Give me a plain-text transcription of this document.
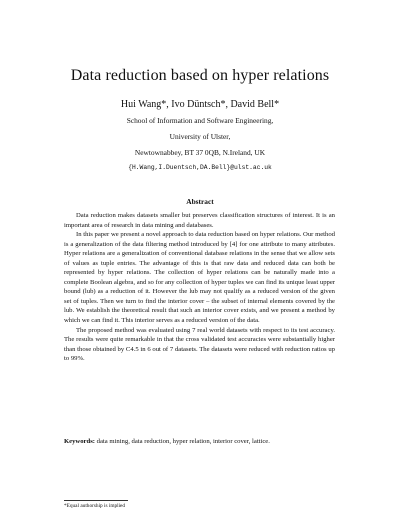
Data reduction based on hyper relations
Hui Wang*, Ivo Düntsch*, David Bell*
School of Information and Software Engineering,
University of Ulster,
Newtownabbey, BT 37 0QB, N.Ireland, UK
{H.Wang,I.Duentsch,DA.Bell}@ulst.ac.uk
Abstract

Data reduction makes datasets smaller but preserves classification structures of interest. It is an important area of research in data mining and databases.

In this paper we present a novel approach to data reduction based on hyper relations. Our method is a generalization of the data filtering method introduced by [4] for one attribute to many attributes. Hyper relations are a generalization of conventional database relations in the sense that we allow sets of values as tuple entries. The advantage of this is that raw data and reduced data can both be represented by hyper relations. The collection of hyper relations can be naturally made into a complete Boolean algebra, and so for any collection of hyper tuples we can find its unique least upper bound (lub) as a reduction of it. However the lub may not qualify as a reduced version of the given set of tuples. Then we turn to find the interior cover – the subset of internal elements covered by the lub. We establish the theoretical result that such an interior cover exists, and we present a method by which we can find it. This interior serves as a reduced version of the data.

The proposed method was evaluated using 7 real world datasets with respect to its test accuracy. The results were quite remarkable in that the cross validated test accuracies were substantially higher than those obtained by C4.5 in 6 out of 7 datasets. The datasets were reduced with reduction ratios up to 99%.

Keywords: data mining, data reduction, hyper relation, interior cover, lattice.
*Equal authorship is implied
